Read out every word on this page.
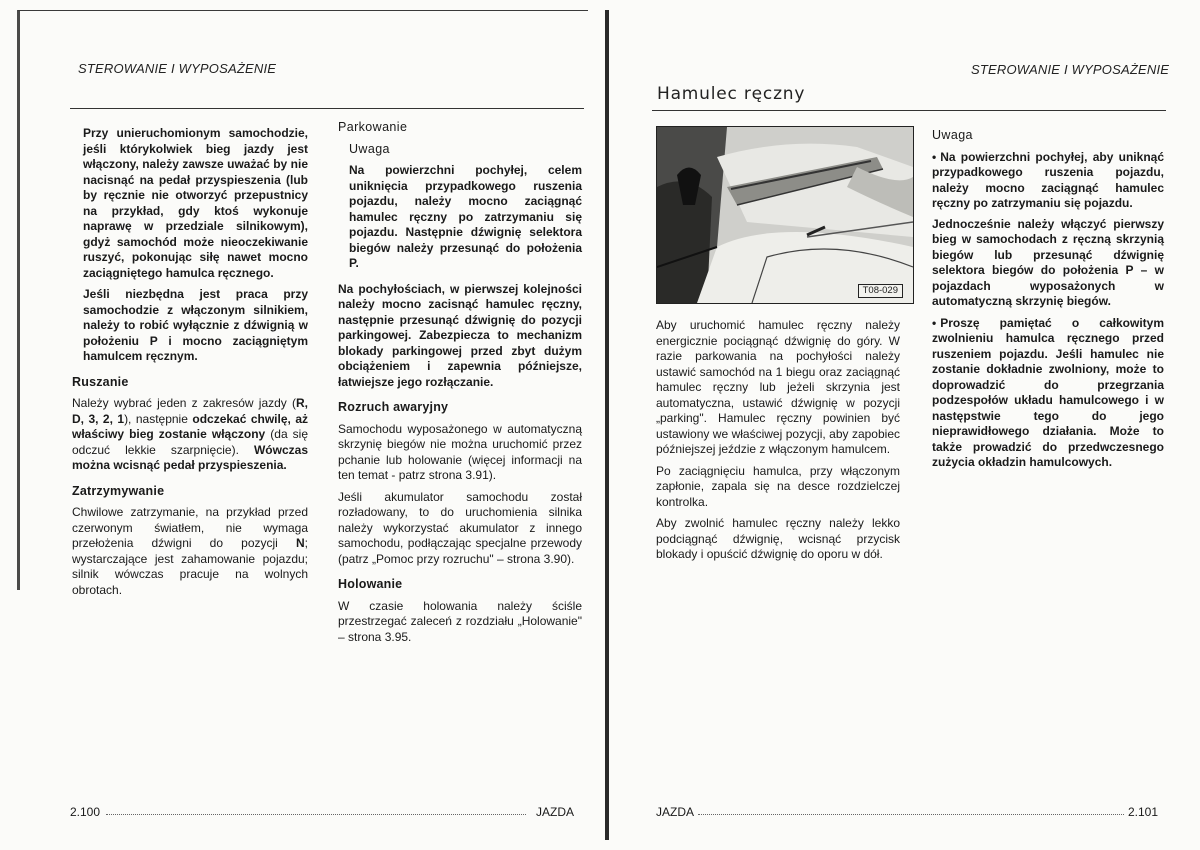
STEROWANIE I WYPOSAŻENIE

Przy unieruchomionym samochodzie, jeśli którykolwiek bieg jazdy jest włączony, należy zawsze uważać by nie nacisnąć na pedał przyspieszenia (lub by ręcznie nie otworzyć przepustnicy na przykład, gdy ktoś wykonuje naprawę w przedziale silnikowym), gdyż samochód może nieoczekiwanie ruszyć, pokonując siłę nawet mocno zaciągniętego hamulca ręcznego.

Jeśli niezbędna jest praca przy samochodzie z włączonym silnikiem, należy to robić wyłącznie z dźwignią w położeniu P i mocno zaciągniętym hamulcem ręcznym.

Ruszanie

Należy wybrać jeden z zakresów jazdy (R, D, 3, 2, 1), następnie odczekać chwilę, aż właściwy bieg zostanie włączony (da się odczuć lekkie szarpnięcie). Wówczas można wcisnąć pedał przyspieszenia.

Zatrzymywanie

Chwilowe zatrzymanie, na przykład przed czerwonym światłem, nie wymaga przełożenia dźwigni do pozycji N; wystarczające jest zahamowanie pojazdu; silnik wówczas pracuje na wolnych obrotach.

Parkowanie
Uwaga

Na powierzchni pochyłej, celem uniknięcia przypadkowego ruszenia pojazdu, należy mocno zaciągnąć hamulec ręczny po zatrzymaniu się pojazdu. Następnie dźwignię selektora biegów należy przesunąć do położenia P.

Na pochyłościach, w pierwszej kolejności należy mocno zacisnąć hamulec ręczny, następnie przesunąć dźwignię do pozycji parkingowej. Zabezpiecza to mechanizm blokady parkingowej przed zbyt dużym obciążeniem i zapewnia późniejsze, łatwiejsze jego rozłączanie.

Rozruch awaryjny

Samochodu wyposażonego w automatyczną skrzynię biegów nie można uruchomić przez pchanie lub holowanie (więcej informacji na ten temat - patrz strona 3.91).

Jeśli akumulator samochodu został rozładowany, to do uruchomienia silnika należy wykorzystać akumulator z innego samochodu, podłączając specjalne przewody (patrz „Pomoc przy rozruchu" – strona 3.90).

Holowanie

W czasie holowania należy ściśle przestrzegać zaleceń z rozdziału „Holowanie" – strona 3.95.

2.100	JAZDA
STEROWANIE I WYPOSAŻENIE
Hamulec ręczny
T08-029

Aby uruchomić hamulec ręczny należy energicznie pociągnąć dźwignię do góry. W razie parkowania na pochyłości należy ustawić samochód na 1 biegu oraz zaciągnąć hamulec ręczny lub jeżeli skrzynia jest automatyczna, ustawić dźwignię w pozycji „parking". Hamulec ręczny powinien być ustawiony we właściwej pozycji, aby zapobiec późniejszej jeździe z włączonym hamulcem.

Po zaciągnięciu hamulca, przy włączonym zapłonie, zapala się na desce rozdzielczej kontrolka.

Aby zwolnić hamulec ręczny należy lekko podciągnąć dźwignię, wcisnąć przycisk blokady i opuścić dźwignię do oporu w dół.

Uwaga
• Na powierzchni pochyłej, aby uniknąć przypadkowego ruszenia pojazdu, należy mocno zaciągnąć hamulec ręczny po zatrzymaniu się pojazdu.

Jednocześnie należy włączyć pierwszy bieg w samochodach z ręczną skrzynią biegów lub przesunąć dźwignię selektora biegów do położenia P – w pojazdach wyposażonych w automatyczną skrzynię biegów.

• Proszę pamiętać o całkowitym zwolnieniu hamulca ręcznego przed ruszeniem pojazdu. Jeśli hamulec nie zostanie dokładnie zwolniony, może to doprowadzić do przegrzania podzespołów układu hamulcowego i w następstwie tego do jego nieprawidłowego działania. Może to także prowadzić do przedwczesnego zużycia okładzin hamulcowych.
JAZDA	2.101
